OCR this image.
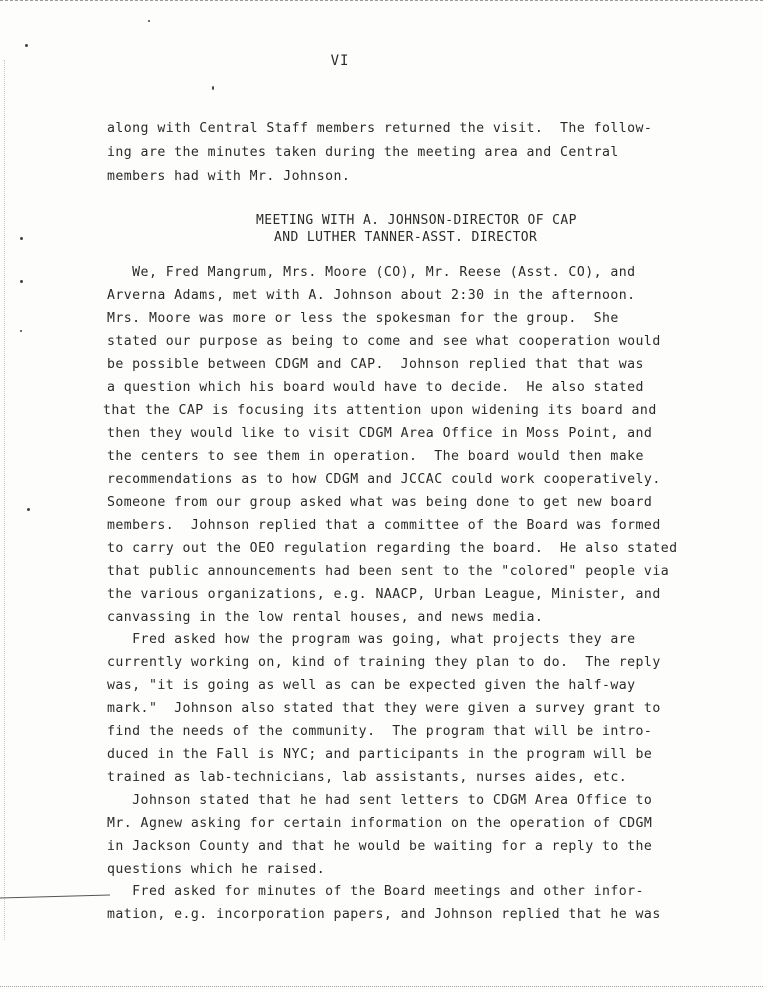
VI
along with Central Staff members returned the visit.  The follow-
ing are the minutes taken during the meeting area and Central
members had with Mr. Johnson.
MEETING WITH A. JOHNSON-DIRECTOR OF CAP
AND LUTHER TANNER-ASST. DIRECTOR
We, Fred Mangrum, Mrs. Moore (CO), Mr. Reese (Asst. CO), and
Arverna Adams, met with A. Johnson about 2:30 in the afternoon.
Mrs. Moore was more or less the spokesman for the group.  She
stated our purpose as being to come and see what cooperation would
be possible between CDGM and CAP.  Johnson replied that that was
a question which his board would have to decide.  He also stated
that the CAP is focusing its attention upon widening its board and
then they would like to visit CDGM Area Office in Moss Point, and
the centers to see them in operation.  The board would then make
recommendations as to how CDGM and JCCAC could work cooperatively.
Someone from our group asked what was being done to get new board
members.  Johnson replied that a committee of the Board was formed
to carry out the OEO regulation regarding the board.  He also stated
that public announcements had been sent to the "colored" people via
the various organizations, e.g. NAACP, Urban League, Minister, and
canvassing in the low rental houses, and news media.
Fred asked how the program was going, what projects they are
currently working on, kind of training they plan to do.  The reply
was, "it is going as well as can be expected given the half-way
mark."  Johnson also stated that they were given a survey grant to
find the needs of the community.  The program that will be intro-
duced in the Fall is NYC; and participants in the program will be
trained as lab-technicians, lab assistants, nurses aides, etc.
Johnson stated that he had sent letters to CDGM Area Office to
Mr. Agnew asking for certain information on the operation of CDGM
in Jackson County and that he would be waiting for a reply to the
questions which he raised.
Fred asked for minutes of the Board meetings and other infor-
mation, e.g. incorporation papers, and Johnson replied that he was
